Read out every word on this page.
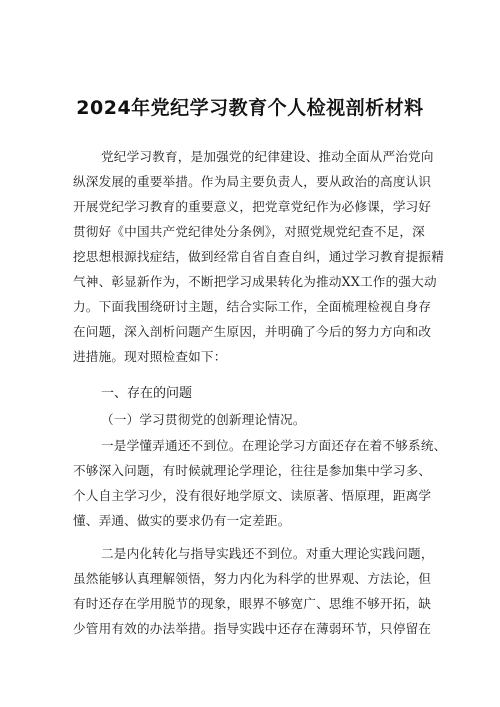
2024年党纪学习教育个人检视剖析材料
党纪学习教育，是加强党的纪律建设、推动全面从严治党向
纵深发展的重要举措。作为局主要负责人，要从政治的高度认识
开展党纪学习教育的重要意义，把党章党纪作为必修课，学习好
贯彻好《中国共产党纪律处分条例》，对照党规党纪查不足，深
挖思想根源找症结，做到经常自省自查自纠，通过学习教育提振精
气神、彰显新作为，不断把学习成果转化为推动XX工作的强大动
力。下面我围绕研讨主题，结合实际工作，全面梳理检视自身存
在问题，深入剖析问题产生原因，并明确了今后的努力方向和改
进措施。现对照检查如下：
一、存在的问题
（一）学习贯彻党的创新理论情况。
一是学懂弄通还不到位。在理论学习方面还存在着不够系统、
不够深入问题，有时候就理论学理论，往往是参加集中学习多、
个人自主学习少，没有很好地学原文、读原著、悟原理，距离学
懂、弄通、做实的要求仍有一定差距。
二是内化转化与指导实践还不到位。对重大理论实践问题，
虽然能够认真理解领悟，努力内化为科学的世界观、方法论，但
有时还存在学用脱节的现象，眼界不够宽广、思维不够开拓，缺
少管用有效的办法举措。指导实践中还存在薄弱环节，只停留在
